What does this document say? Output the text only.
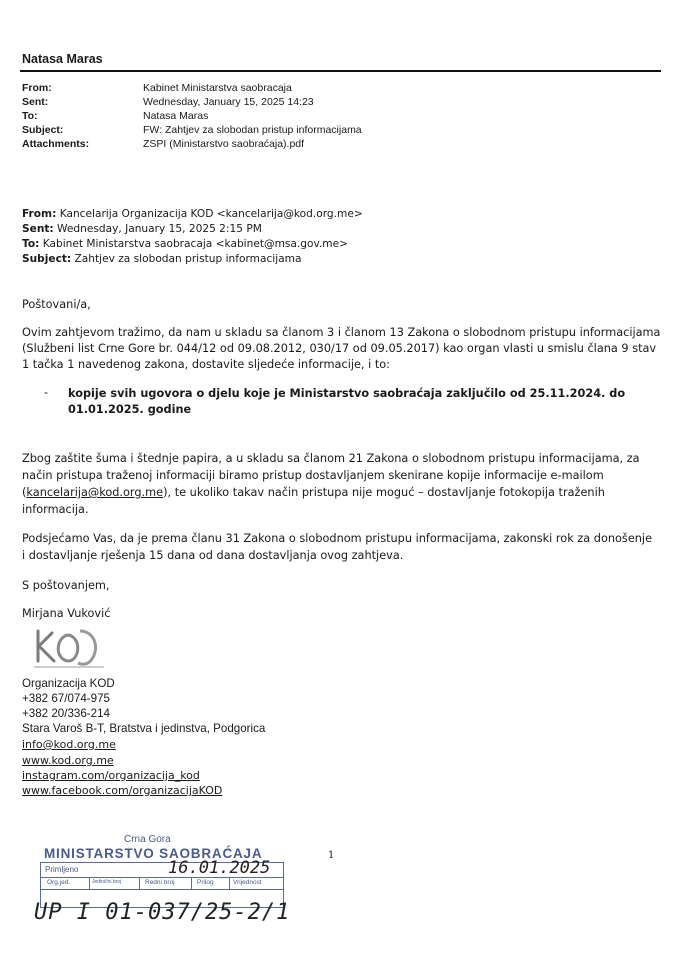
Natasa Maras
From:	Kabinet Ministarstva saobracaja
Sent:	Wednesday, January 15, 2025 14:23
To:	Natasa Maras
Subject:	FW: Zahtjev za slobodan pristup informacijama
Attachments:	ZSPI (Ministarstvo saobraćaja).pdf
From: Kancelarija Organizacija KOD <kancelarija@kod.org.me>
Sent: Wednesday, January 15, 2025 2:15 PM
To: Kabinet Ministarstva saobracaja <kabinet@msa.gov.me>
Subject: Zahtjev za slobodan pristup informacijama
Poštovani/a,
Ovim zahtjevom tražimo, da nam u skladu sa članom 3 i članom 13 Zakona o slobodnom pristupu informacijama
(Službeni list Crne Gore br. 044/12 od 09.08.2012, 030/17 od 09.05.2017) kao organ vlasti u smislu člana 9 stav
1 tačka 1 navedenog zakona, dostavite sljedeće informacije, i to:
- kopije svih ugovora o djelu koje je Ministarstvo saobraćaja zaključilo od 25.11.2024. do
01.01.2025. godine
Zbog zaštite šuma i štednje papira, a u skladu sa članom 21 Zakona o slobodnom pristupu informacijama, za
način pristupa traženoj informaciji biramo pristup dostavljanjem skenirane kopije informacije e-mailom
(kancelarija@kod.org.me), te ukoliko takav način pristupa nije moguć – dostavljanje fotokopija traženih
informacija.
Podsjećamo Vas, da je prema članu 31 Zakona o slobodnom pristupu informacijama, zakonski rok za donošenje
i dostavljanje rješenja 15 dana od dana dostavljanja ovog zahtjeva.
S poštovanjem,
Mirjana Vuković
Organizacija KOD
+382 67/074-975
+382 20/336-214
Stara Varoš B-T, Bratstva i jedinstva, Podgorica
info@kod.org.me
www.kod.org.me
instagram.com/organizacija_kod
www.facebook.com/organizacijaKOD
1
Crna Gora
MINISTARSTVO SAOBRAĆAJA
Primljeno
Org.jed.	Jedinični broj	Redni broj	Prilog	Vrijednost
16.01.2025
UP I 01-037/25-2/1
